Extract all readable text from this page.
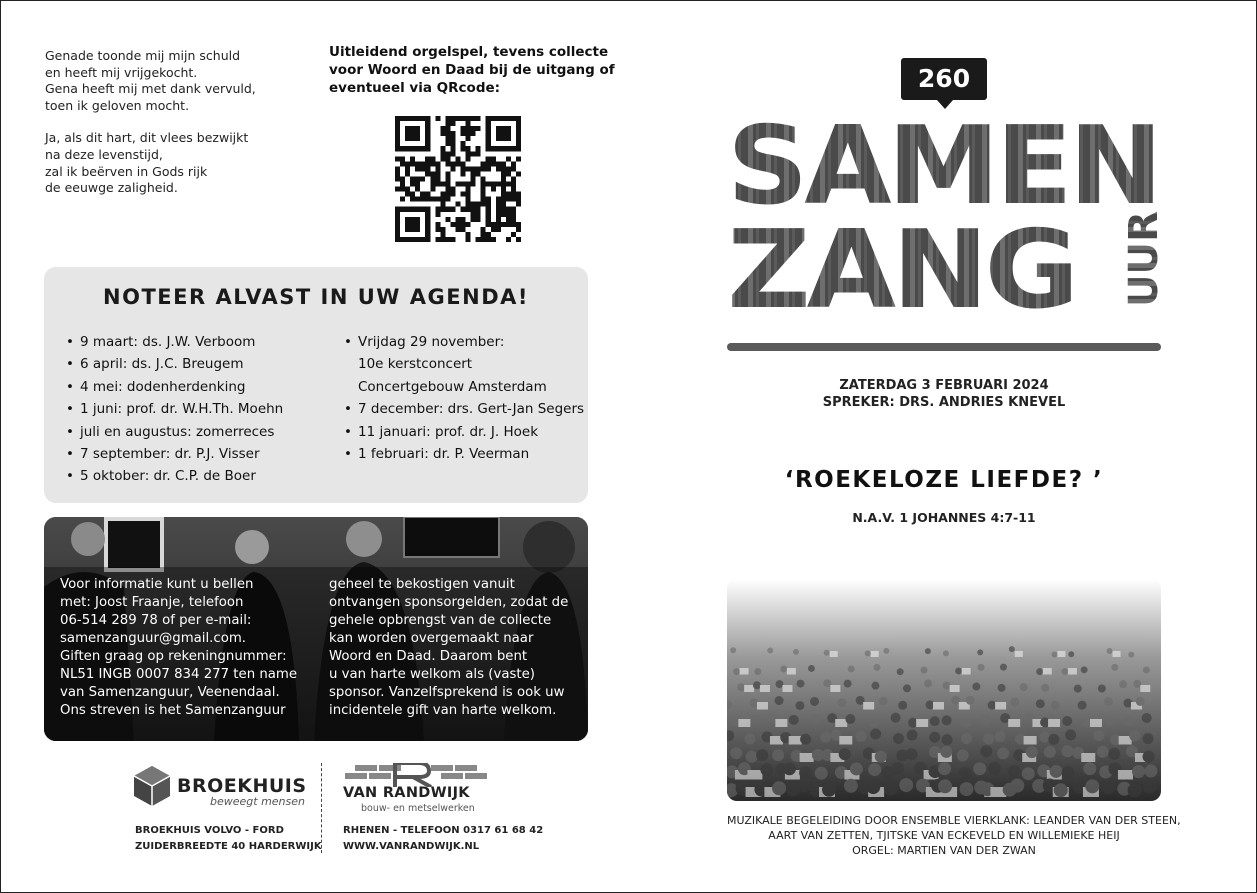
Genade toonde mij mijn schuld
en heeft mij vrijgekocht.
Gena heeft mij met dank vervuld,
toen ik geloven mocht.

Ja, als dit hart, dit vlees bezwijkt
na deze levenstijd,
zal ik beërven in Gods rijk
de eeuwge zaligheid.

Uitleidend orgelspel, tevens collecte
voor Woord en Daad bij de uitgang of
eventueel via QRcode:
NOTEER ALVAST IN UW AGENDA!
• 9 maart: ds. J.W. Verboom
• 6 april: ds. J.C. Breugem
• 4 mei: dodenherdenking
• 1 juni: prof. dr. W.H.Th. Moehn
• juli en augustus: zomerreces
• 7 september: dr. P.J. Visser
• 5 oktober: dr. C.P. de Boer
• Vrijdag 29 november:
10e kerstconcert
Concertgebouw Amsterdam
• 7 december: drs. Gert-Jan Segers
• 11 januari: prof. dr. J. Hoek
• 1 februari: dr. P. Veerman
Voor informatie kunt u bellen
met: Joost Fraanje, telefoon
06-514 289 78 of per e-mail:
samenzanguur@gmail.com.
Giften graag op rekeningnummer:
NL51 INGB 0007 834 277 ten name
van Samenzanguur, Veenendaal.
Ons streven is het Samenzanguur
geheel te bekostigen vanuit
ontvangen sponsorgelden, zodat de
gehele opbrengst van de collecte
kan worden overgemaakt naar
Woord en Daad. Daarom bent
u van harte welkom als (vaste)
sponsor. Vanzelfsprekend is ook uw
incidentele gift van harte welkom.
BROEKHUIS
beweegt mensen
BROEKHUIS VOLVO - FORD
ZUIDERBREEDTE 40 HARDERWIJK
VAN RANDWIJK
bouw- en metselwerken
RHENEN - TELEFOON 0317 61 68 42
WWW.VANRANDWIJK.NL
260
SAMEN
ZANG UUR
ZATERDAG 3 FEBRUARI 2024
SPREKER: DRS. ANDRIES KNEVEL
‘ROEKELOZE LIEFDE? ’
N.A.V. 1 JOHANNES 4:7-11
MUZIKALE BEGELEIDING DOOR ENSEMBLE VIERKLANK: LEANDER VAN DER STEEN,
AART VAN ZETTEN, TJITSKE VAN ECKEVELD EN WILLEMIEKE HEIJ
ORGEL: MARTIEN VAN DER ZWAN
